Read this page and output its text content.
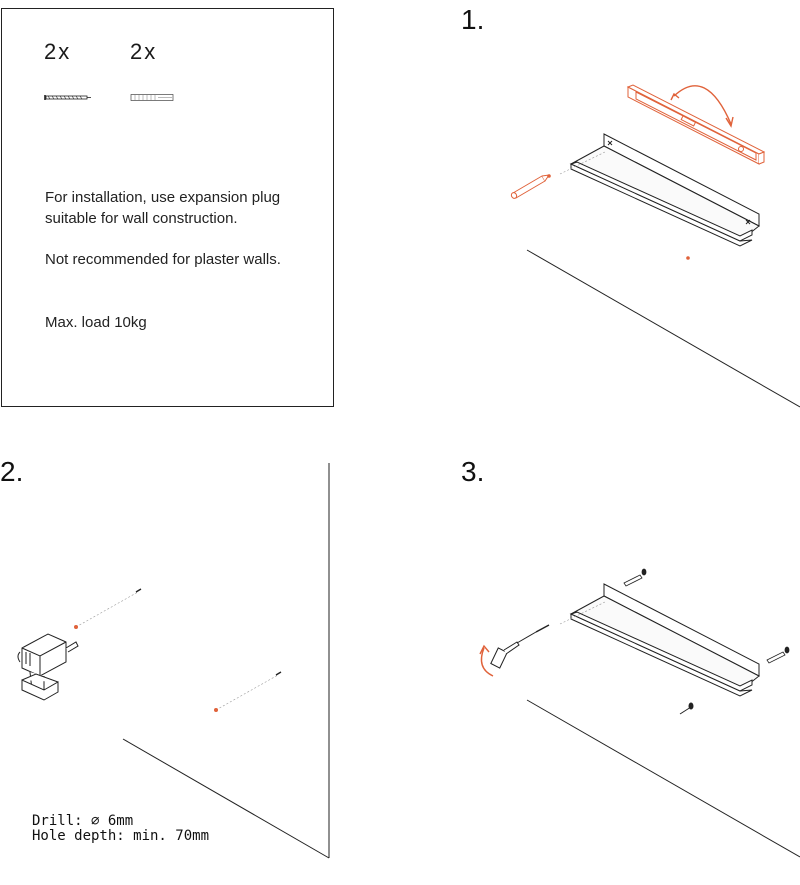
2x	2x
For installation, use expansion plug suitable for wall construction.
Not recommended for plaster walls.
Max. load 10kg
1.
2.	3.
Drill: ∅ 6mm
Hole depth: min. 70mm
